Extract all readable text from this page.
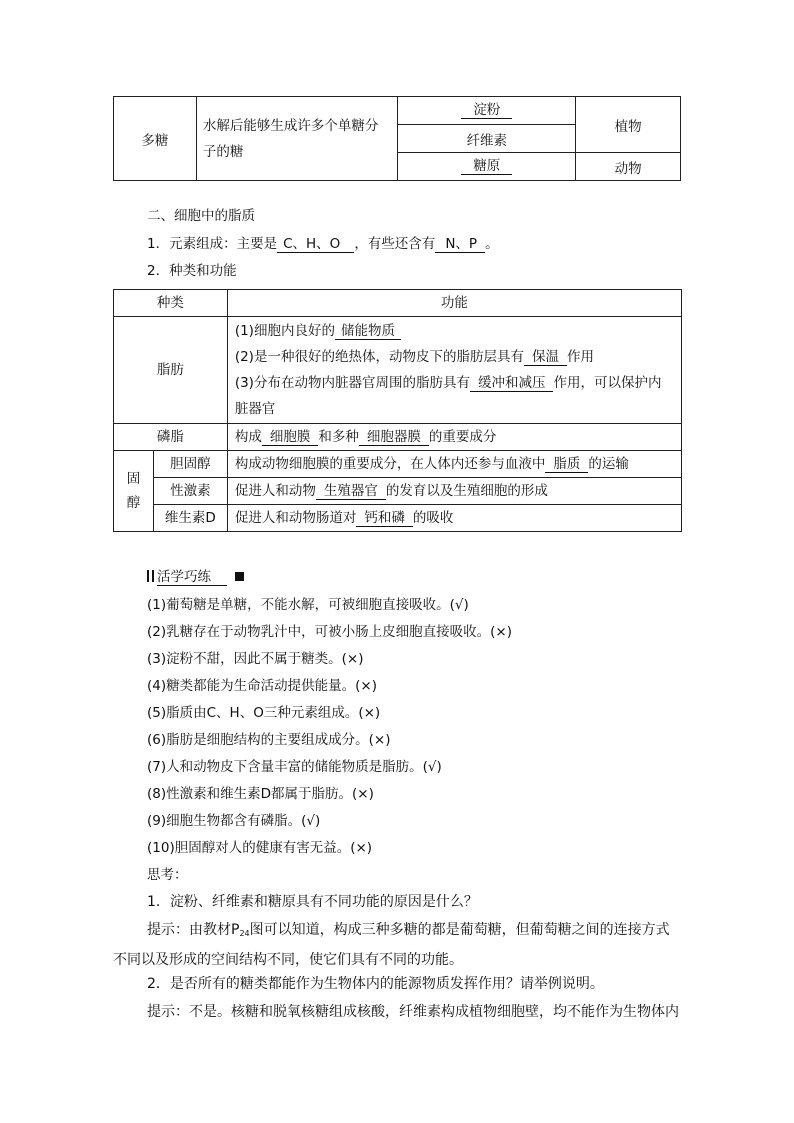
多糖	水解后能够生成许多个单糖分子的糖	淀粉	植物
		纤维素	
		糖原	动物
二、细胞中的脂质
1．元素组成：主要是 C、H、O ，有些还含有 N、P 。
2．种类和功能
种类		功能
脂肪		(1)细胞内良好的 储能物质
(2)是一种很好的绝热体，动物皮下的脂肪层具有 保温 作用
(3)分布在动物内脏器官周围的脂肪具有 缓冲和减压 作用，可以保护内脏器官

磷脂		构成 细胞膜 和多种 细胞器膜 的重要成分

固醇	胆固醇	构成动物细胞膜的重要成分，在人体内还参与血液中 脂质 的运输
	性激素	促进人和动物 生殖器官 的发育以及生殖细胞的形成
	维生素D	促进人和动物肠道对 钙和磷 的吸收
活学巧练
(1)葡萄糖是单糖，不能水解，可被细胞直接吸收。(√)
(2)乳糖存在于动物乳汁中，可被小肠上皮细胞直接吸收。(×)
(3)淀粉不甜，因此不属于糖类。(×)
(4)糖类都能为生命活动提供能量。(×)
(5)脂质由C、H、O三种元素组成。(×)
(6)脂肪是细胞结构的主要组成成分。(×)
(7)人和动物皮下含量丰富的储能物质是脂肪。(√)
(8)性激素和维生素D都属于脂肪。(×)
(9)细胞生物都含有磷脂。(√)
(10)胆固醇对人的健康有害无益。(×)
思考：
1．淀粉、纤维素和糖原具有不同功能的原因是什么？
提示：由教材$P_{24}$图可以知道，构成三种多糖的都是葡萄糖，但葡萄糖之间的连接方式不同以及形成的空间结构不同，使它们具有不同的功能。
2．是否所有的糖类都能作为生物体内的能源物质发挥作用？请举例说明。
提示：不是。核糖和脱氧核糖组成核酸，纤维素构成植物细胞壁，均不能作为生物体内
